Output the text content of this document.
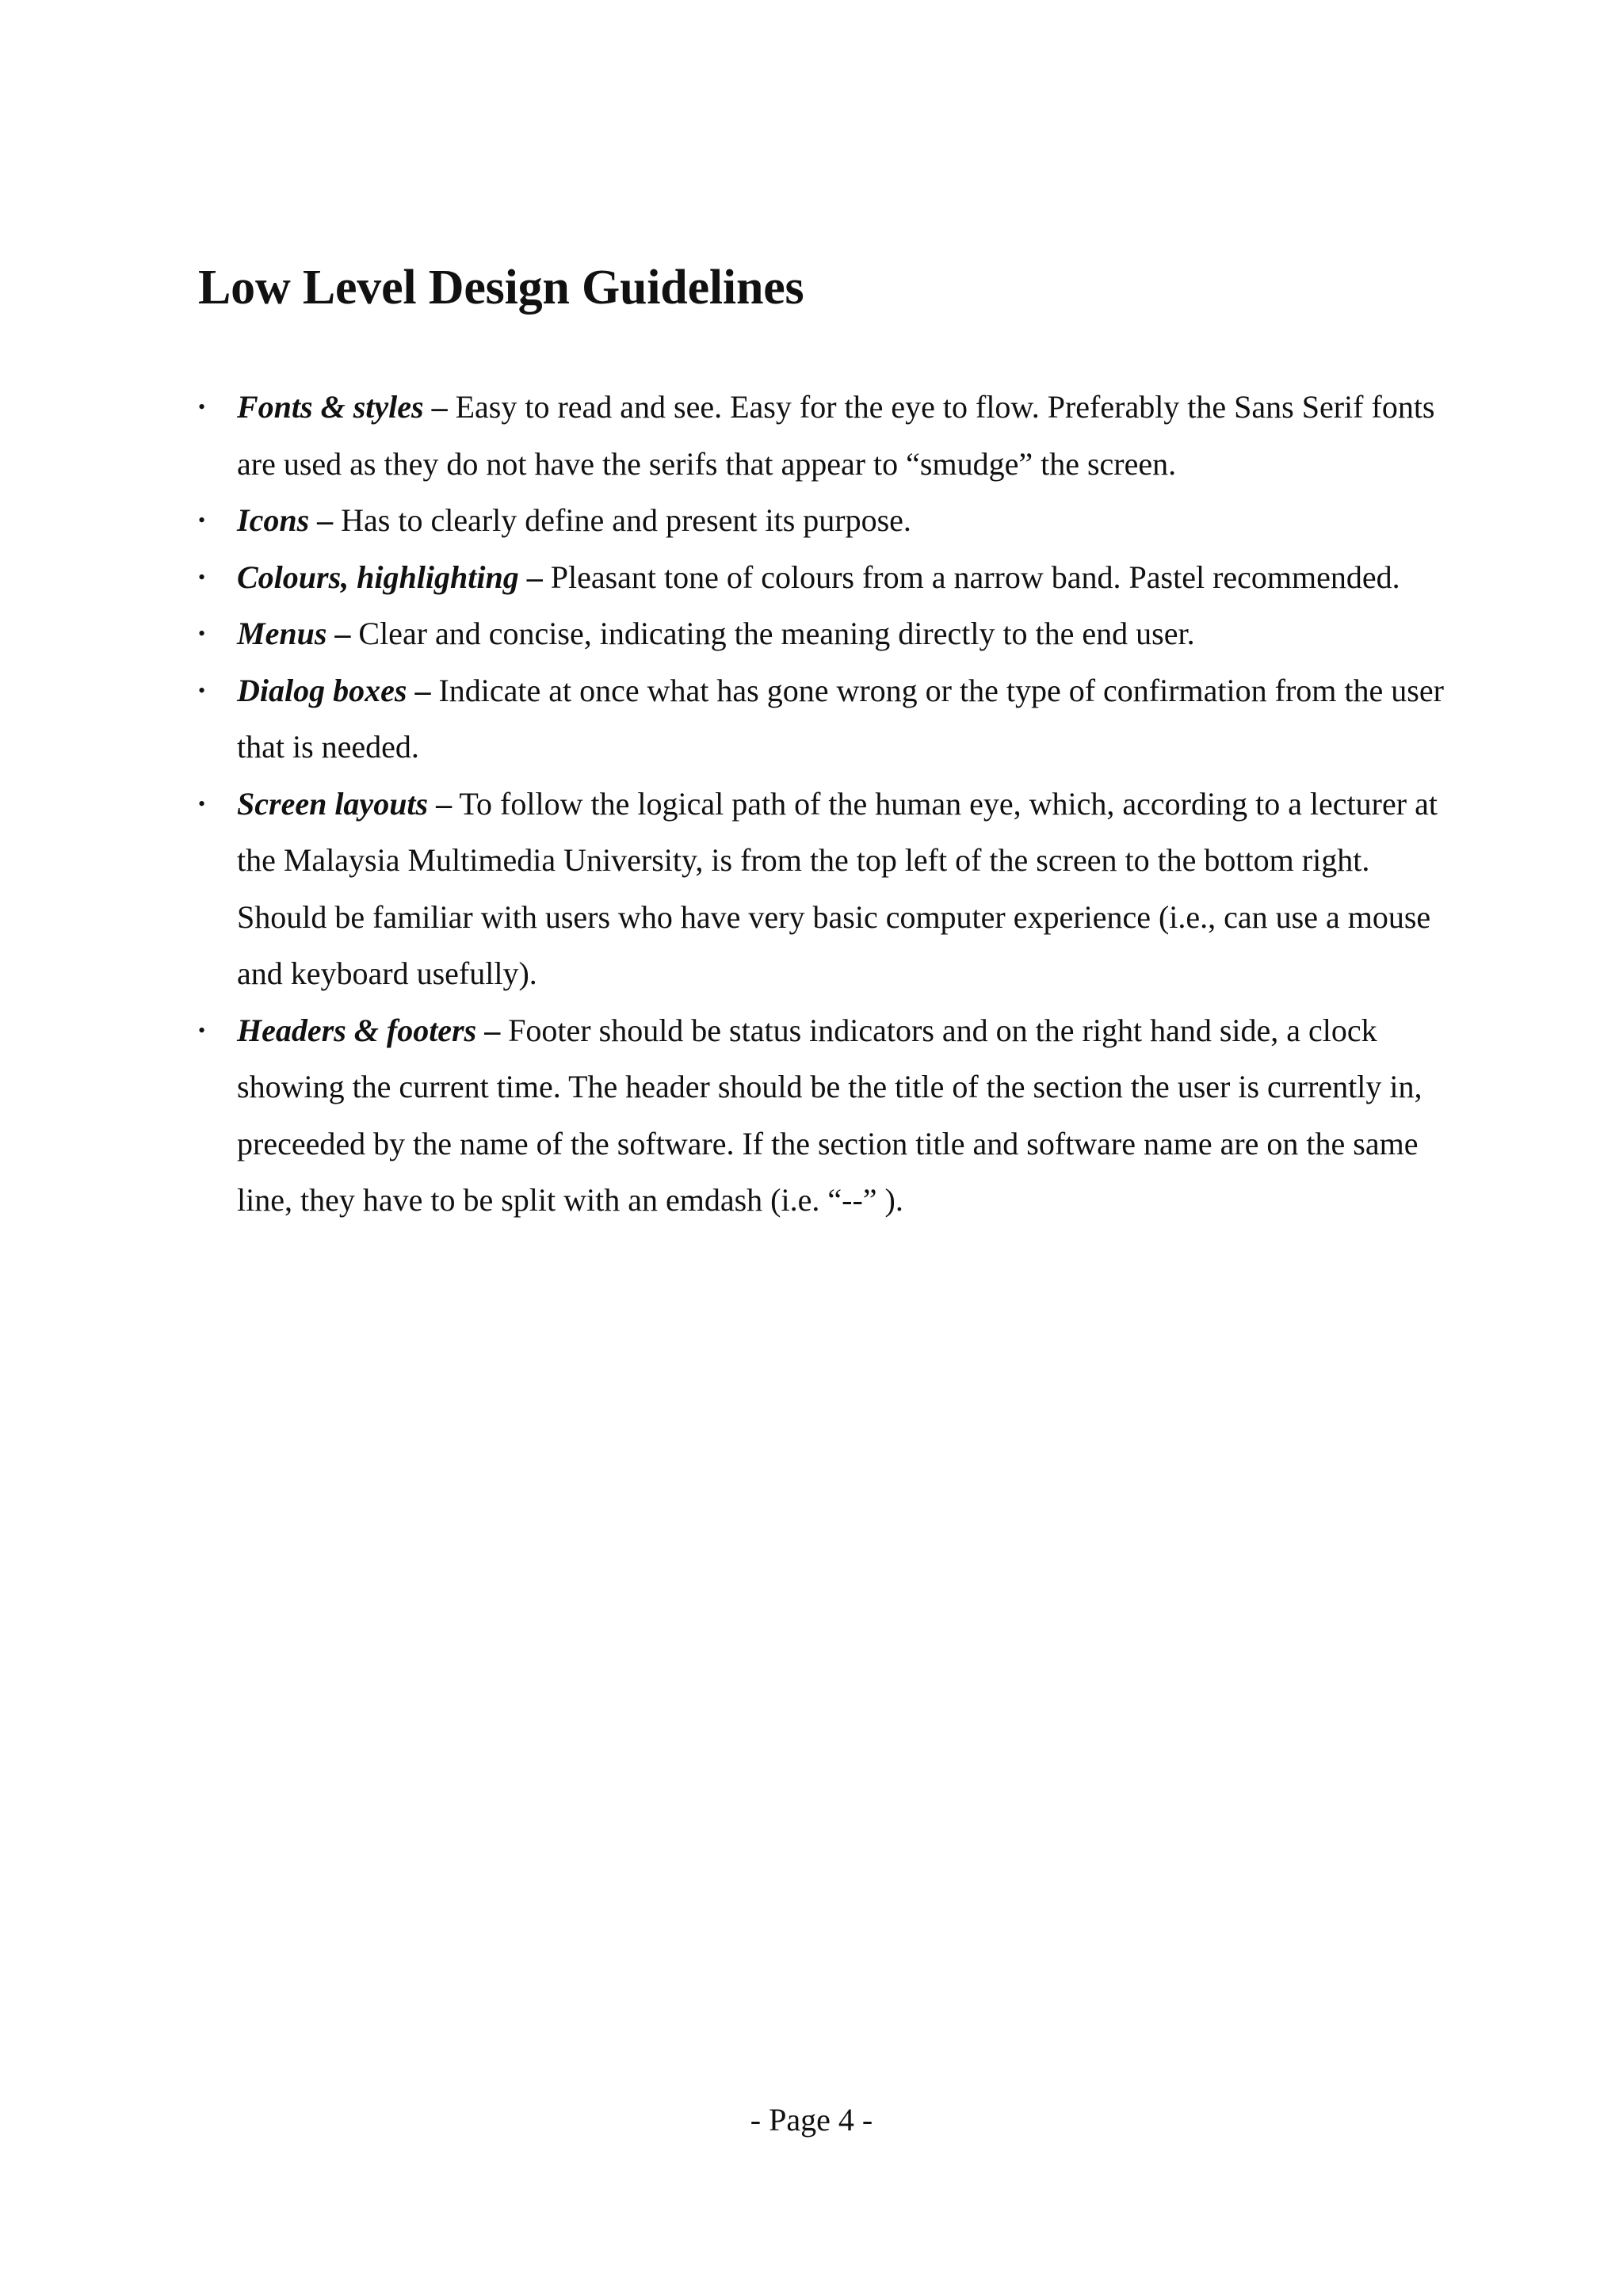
Low Level Design Guidelines
• Fonts & styles – Easy to read and see. Easy for the eye to flow. Preferably the Sans Serif fonts are used as they do not have the serifs that appear to “smudge” the screen.
• Icons – Has to clearly define and present its purpose.
• Colours, highlighting – Pleasant tone of colours from a narrow band. Pastel recommended.
• Menus – Clear and concise, indicating the meaning directly to the end user.
• Dialog boxes – Indicate at once what has gone wrong or the type of confirmation from the user that is needed.
• Screen layouts – To follow the logical path of the human eye, which, according to a lecturer at the Malaysia Multimedia University, is from the top left of the screen to the bottom right. Should be familiar with users who have very basic computer experience (i.e., can use a mouse and keyboard usefully).
• Headers & footers – Footer should be status indicators and on the right hand side, a clock showing the current time. The header should be the title of the section the user is currently in, preceeded by the name of the software. If the section title and software name are on the same line, they have to be split with an emdash (i.e. “--” ).
- Page 4 -
